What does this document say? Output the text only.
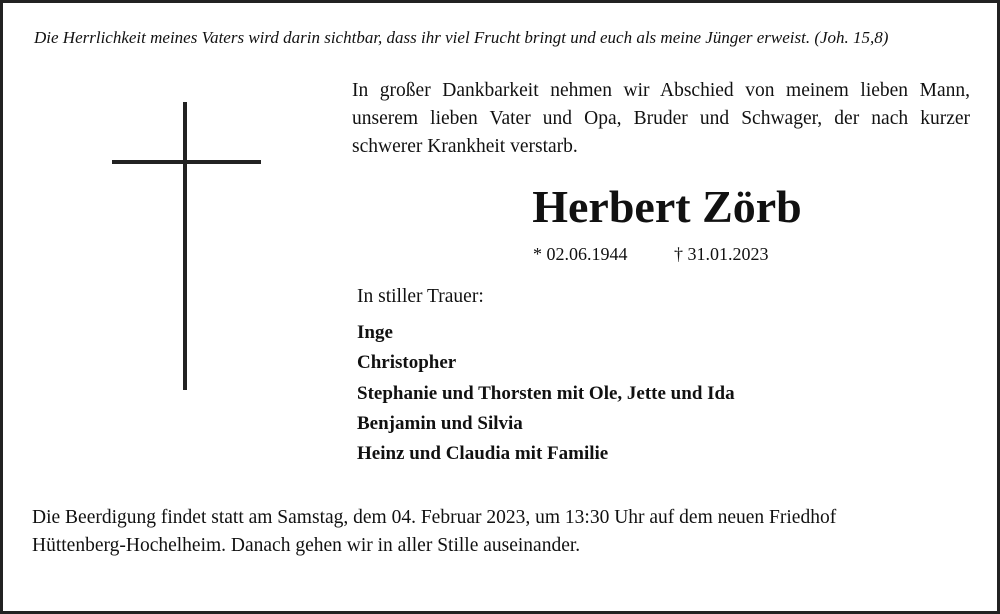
Die Herrlichkeit meines Vaters wird darin sichtbar, dass ihr viel Frucht bringt und euch als meine Jünger erweist. (Joh. 15,8)
In großer Dankbarkeit nehmen wir Abschied von meinem lieben Mann, unserem lieben Vater und Opa, Bruder und Schwager, der nach kurzer schwerer Krankheit verstarb.
Herbert Zörb
* 02.06.1944	† 31.01.2023
In stiller Trauer:
Inge
Christopher
Stephanie und Thorsten mit Ole, Jette und Ida
Benjamin und Silvia
Heinz und Claudia mit Familie
Die Beerdigung findet statt am Samstag, dem 04. Februar 2023, um 13:30 Uhr auf dem neuen Friedhof
Hüttenberg-Hochelheim. Danach gehen wir in aller Stille auseinander.
